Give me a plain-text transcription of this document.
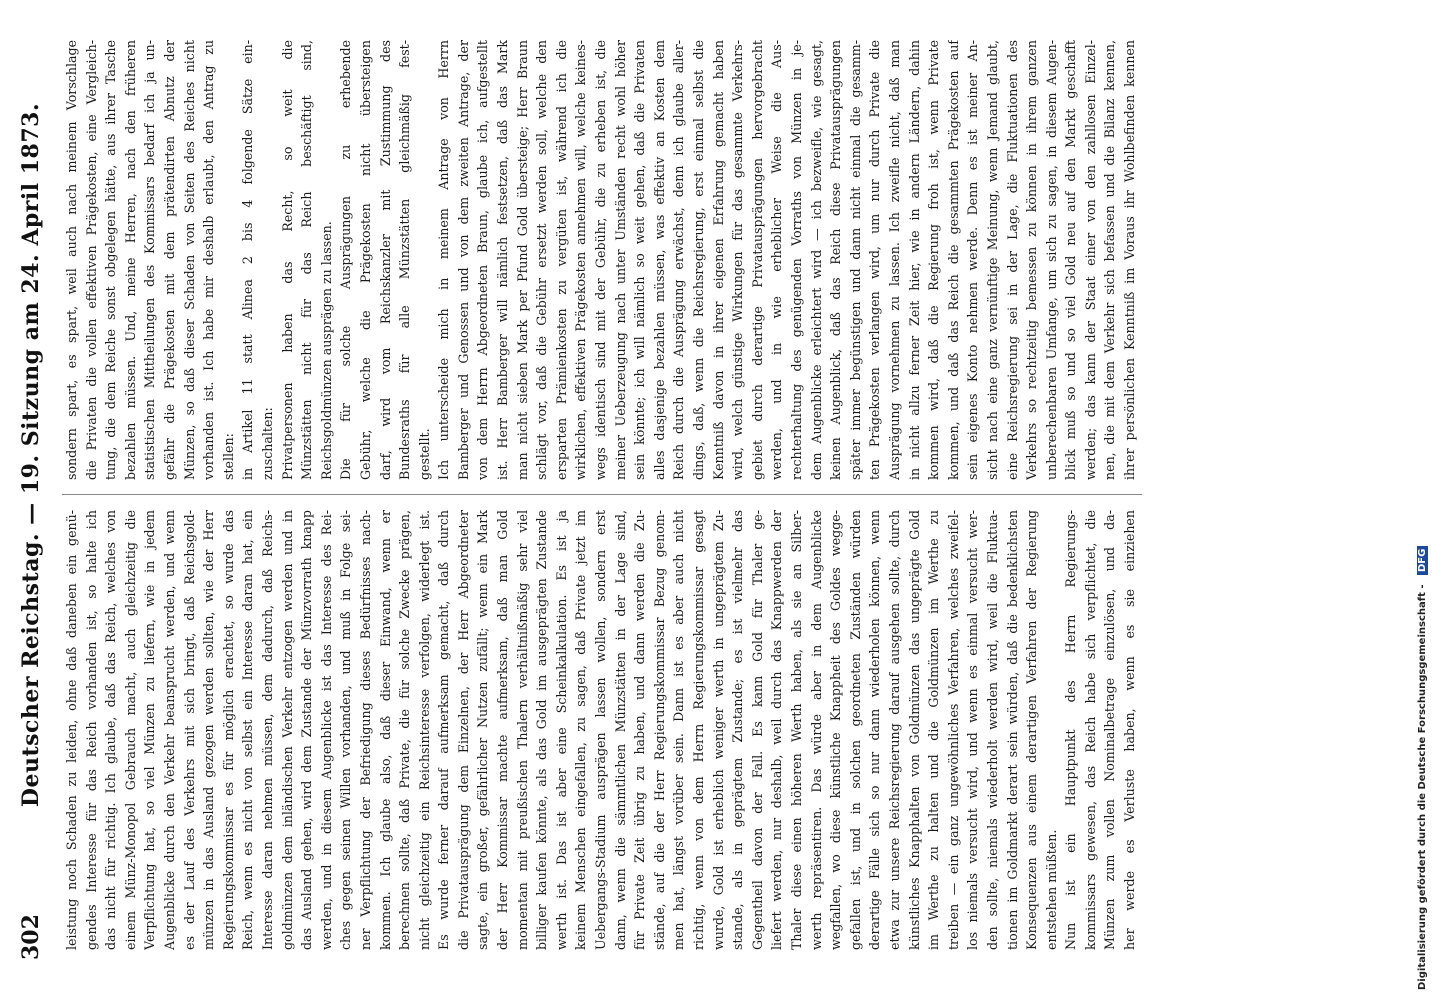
302
Deutscher Reichstag. — 19. Sitzung am 24. April 1873. leistung noch Schaden zu leiden, ohne daß daneben ein genü- gendes Interesse für das Reich vorhanden ist, so halte ich das nicht für richtig. Ich glaube, daß das Reich, welches von einem Münz-Monopol Gebrauch macht, auch gleichzeitig die Verpflichtung hat, so viel Münzen zu liefern, wie in jedem Augenblicke durch den Verkehr beansprucht werden, und wenn es der Lauf des Verkehrs mit sich bringt, daß Reichsgold- münzen in das Ausland gezogen werden sollten, wie der Herr Regierungskommissar es für möglich erachtet, so wurde das Reich, wenn es nicht von selbst ein Interesse daran hat, ein Interesse daran nehmen müssen, dem dadurch, daß Reichs- goldmünzen dem inländischen Verkehr entzogen werden und in das Ausland gehen, wird dem Zustande der Münzvorrath knapp werden, und in diesem Augenblicke ist das Interesse des Rei- ches gegen seinen Willen vorhanden, und muß in Folge sei- ner Verpflichtung der Befriedigung dieses Bedürfnisses nach- kommen. Ich glaube also, daß dieser Einwand, wenn er berechnen sollte, daß Private, die für solche Zwecke prägen, nicht gleichzeitig ein Reichsinteresse verfolgen, widerlegt ist. Es wurde ferner darauf aufmerksam gemacht, daß durch die Privatausprägung dem Einzelnen, der Herr Abgeordneter sagte, ein großer, gefährlicher Nutzen zufällt; wenn ein Mark der Herr Kommissar machte aufmerksam, daß man Gold momentan mit preußischen Thalern verhältnißmäßig sehr viel billiger kaufen könnte, als das Gold im ausgeprägten Zustande werth ist. Das ist aber eine Scheinkalkulation. Es ist ja keinem Menschen eingefallen, zu sagen, daß Private jetzt im Uebergangs-Stadium ausprägen lassen wollen, sondern erst dann, wenn die sämmtlichen Münzstätten in der Lage sind, für Private Zeit übrig zu haben, und dann werden die Zu- stände, auf die der Herr Regierungskommissar Bezug genom- men hat, längst vorüber sein. Dann ist es aber auch nicht richtig, wenn von dem Herrn Regierungskommissar gesagt wurde, Gold ist erheblich weniger werth in ungeprägtem Zu- stande, als in geprägtem Zustande; es ist vielmehr das Gegentheil davon der Fall. Es kann Gold für Thaler ge- liefert werden, nur deshalb, weil durch das Knappwerden der Thaler diese einen höheren Werth haben, als sie an Silber- werth repräsentiren. Das würde aber in dem Augenblicke wegfallen, wo diese künstliche Knappheit des Goldes wegge- gefallen ist, und in solchen geordneten Zuständen würden derartige Fälle sich so nur dann wiederholen können, wenn etwa zur unsere Reichsregierung darauf ausgehen sollte, durch künstliches Knapphalten von Goldmünzen das ungeprägte Gold im Werthe zu halten und die Goldmünzen im Werthe zu treiben — ein ganz ungewöhnliches Verfahren, welches zweifel- los niemals versucht wird, und wenn es einmal versucht wer- den sollte, niemals wiederholt werden wird, weil die Fluktua- tionen im Goldmarkt derart sein würden, daß die bedenklichsten Konsequenzen aus einem derartigen Verfahren der Regierung entstehen müßten. Nun ist ein Hauptpunkt des Herrn Regierungs- kommissars gewesen, das Reich habe sich verpflichtet, die Münzen zum vollen Nominalbetrage einzulösen, und da- her werde es Verluste haben, wenn es sie einziehen
sondern spart, es spart, weil auch nach meinem Vorschlage die Privaten die vollen effektiven Prägekosten, eine Vergleich- tung, die dem Reiche sonst obgelegen hätte, aus ihrer Tasche bezahlen müssen. Und, meine Herren, nach den früheren statistischen Mittheilungen des Kommissars bedarf ich ja un- gefähr die Prägekosten mit dem prätendirten Abnutz der Münzen, so daß dieser Schaden von Seiten des Reiches nicht vorhanden ist. Ich habe mir deshalb erlaubt, den Antrag zu stellen: in Artikel 11 statt Alinea 2 bis 4 folgende Sätze ein- zuschalten: Privatpersonen haben das Recht, so weit die Münzstätten nicht für das Reich beschäftigt sind, Reichsgoldmünzen ausprägen zu lassen. Die für solche Ausprägungen zu erhebende Gebühr, welche die Prägekosten nicht übersteigen darf, wird vom Reichskanzler mit Zustimmung des Bundesraths für alle Münzstätten gleichmäßig fest- gestellt. Ich unterscheide mich in meinem Antrage von Herrn Bamberger und Genossen und von dem zweiten Antrage, der von dem Herrn Abgeordneten Braun, glaube ich, aufgestellt ist. Herr Bamberger will nämlich festsetzen, daß das Mark man nicht sieben Mark per Pfund Gold übersteige; Herr Braun schlägt vor, daß die Gebühr ersetzt werden soll, welche den ersparten Prämienkosten zu vergüten ist, während ich die wirklichen, effektiven Prägekosten annehmen will, welche keines- wegs identisch sind mit der Gebühr, die zu erheben ist, die meiner Ueberzeugung nach unter Umständen recht wohl höher sein könnte; ich will nämlich so weit gehen, daß die Privaten alles dasjenige bezahlen müssen, was effektiv an Kosten dem Reich durch die Ausprägung erwächst, denn ich glaube aller- dings, daß, wenn die Reichsregierung, erst einmal selbst die Kenntniß davon in ihrer eigenen Erfahrung gemacht haben wird, welch günstige Wirkungen für das gesammte Verkehrs- gebiet durch derartige Privatausprägungen hervorgebracht werden, und in wie erheblicher Weise die Aus- rechterhaltung des genügenden Vorraths von Münzen in je- dem Augenblicke erleichtert wird — ich bezweifle, wie gesagt, keinen Augenblick, daß das Reich diese Privatausprägungen später immer begünstigen und dann nicht einmal die gesamm- ten Prägekosten verlangen wird, um nur durch Private die Ausprägung vornehmen zu lassen. Ich zweifle nicht, daß man in nicht allzu ferner Zeit hier, wie in andern Ländern, dahin kommen wird, daß die Regierung froh ist, wenn Private kommen, und daß das Reich die gesammten Prägekosten auf sein eigenes Konto nehmen werde. Denn es ist meiner An- sicht nach eine ganz vernünftige Meinung, wenn Jemand glaubt, eine Reichsregierung sei in der Lage, die Fluktuationen des Verkehrs so rechtzeitig bemessen zu können in ihrem ganzen unberechenbaren Umfange, um sich zu sagen, in diesem Augen- blick muß so und so viel Gold neu auf den Markt geschafft werden; das kann der Staat einer von den zahllosen Einzel- nen, die mit dem Verkehr sich befassen und die Bilanz kennen, ihrer persönlichen Kenntniß im Voraus ihr Wohlbefinden kennen
Digitalisierung gefördert durch die Deutsche Forschungsgemeinschaft - DFG
